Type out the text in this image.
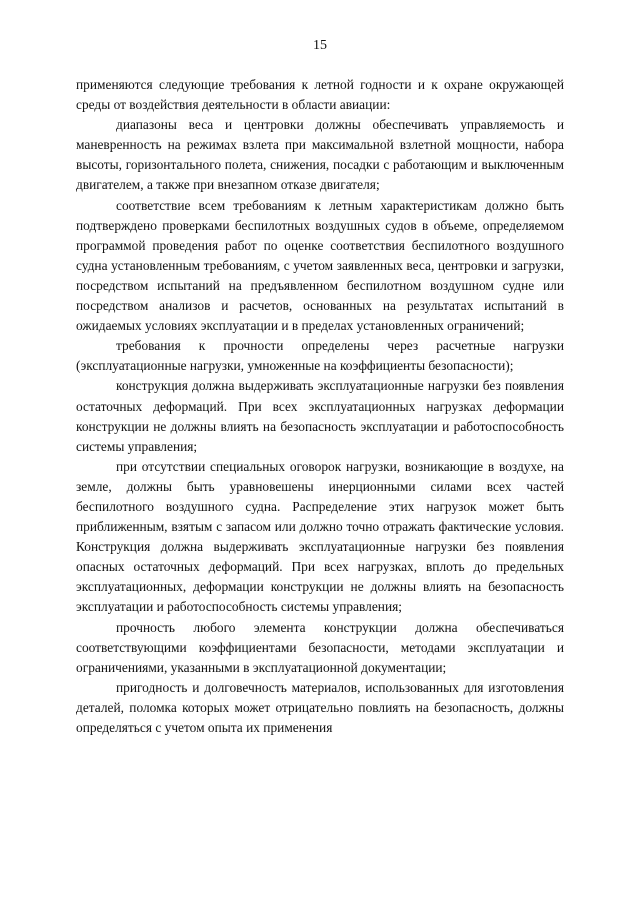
15

применяются следующие требования к летной годности и к охране окружающей среды от воздействия деятельности в области авиации:

диапазоны веса и центровки должны обеспечивать управляемость и маневренность на режимах взлета при максимальной взлетной мощности, набора высоты, горизонтального полета, снижения, посадки с работающим и выключенным двигателем, а также при внезапном отказе двигателя;

соответствие всем требованиям к летным характеристикам должно быть подтверждено проверками беспилотных воздушных судов в объеме, определяемом программой проведения работ по оценке соответствия беспилотного воздушного судна установленным требованиям, с учетом заявленных веса, центровки и загрузки, посредством испытаний на предъявленном беспилотном воздушном судне или посредством анализов и расчетов, основанных на результатах испытаний в ожидаемых условиях эксплуатации и в пределах установленных ограничений;

требования к прочности определены через расчетные нагрузки (эксплуатационные нагрузки, умноженные на коэффициенты безопасности);

конструкция должна выдерживать эксплуатационные нагрузки без появления остаточных деформаций. При всех эксплуатационных нагрузках деформации конструкции не должны влиять на безопасность эксплуатации и работоспособность системы управления;

при отсутствии специальных оговорок нагрузки, возникающие в воздухе, на земле, должны быть уравновешены инерционными силами всех частей беспилотного воздушного судна. Распределение этих нагрузок может быть приближенным, взятым с запасом или должно точно отражать фактические условия. Конструкция должна выдерживать эксплуатационные нагрузки без появления опасных остаточных деформаций. При всех нагрузках, вплоть до предельных эксплуатационных, деформации конструкции не должны влиять на безопасность эксплуатации и работоспособность системы управления;

прочность любого элемента конструкции должна обеспечиваться соответствующими коэффициентами безопасности, методами эксплуатации и ограничениями, указанными в эксплуатационной документации;

пригодность и долговечность материалов, использованных для изготовления деталей, поломка которых может отрицательно повлиять на безопасность, должны определяться с учетом опыта их применения
